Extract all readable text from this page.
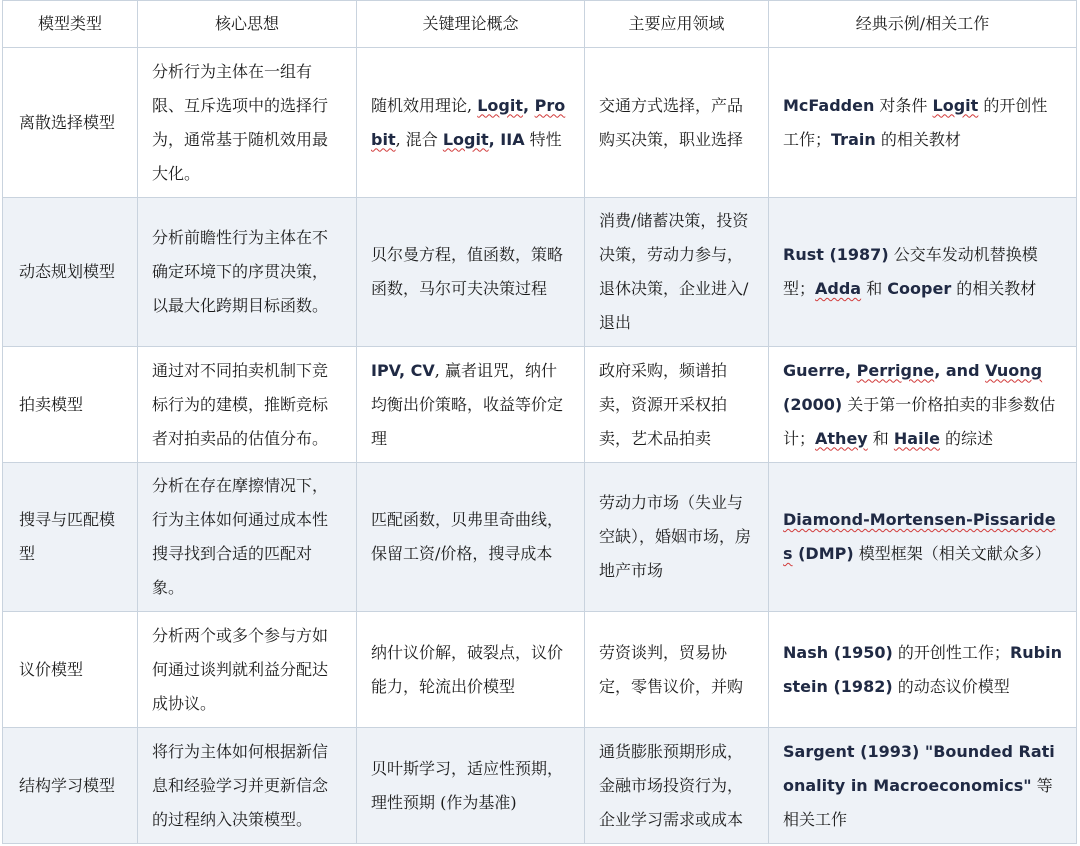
模型类型	核心思想	关键理论概念	主要应用领域	经典示例/相关工作
离散选择模型	分析行为主体在一组有限、互斥选项中的选择行为，通常基于随机效用最大化。	随机效用理论, Logit, Probit, 混合 Logit, IIA 特性	交通方式选择，产品购买决策，职业选择	McFadden 对条件 Logit 的开创性工作；Train 的相关教材
动态规划模型	分析前瞻性行为主体在不确定环境下的序贯决策，以最大化跨期目标函数。	贝尔曼方程，值函数，策略函数，马尔可夫决策过程	消费/储蓄决策，投资决策，劳动力参与，退休决策，企业进入/退出	Rust (1987) 公交车发动机替换模型；Adda 和 Cooper 的相关教材
拍卖模型	通过对不同拍卖机制下竞标行为的建模，推断竞标者对拍卖品的估值分布。	IPV, CV, 赢者诅咒，纳什均衡出价策略，收益等价定理	政府采购，频谱拍卖，资源开采权拍卖，艺术品拍卖	Guerre, Perrigne, and Vuong (2000) 关于第一价格拍卖的非参数估计；Athey 和 Haile 的综述
搜寻与匹配模型	分析在存在摩擦情况下，行为主体如何通过成本性搜寻找到合适的匹配对象。	匹配函数，贝弗里奇曲线，保留工资/价格，搜寻成本	劳动力市场（失业与空缺），婚姻市场，房地产市场	Diamond-Mortensen-Pissarides (DMP) 模型框架（相关文献众多）
议价模型	分析两个或多个参与方如何通过谈判就利益分配达成协议。	纳什议价解，破裂点，议价能力，轮流出价模型	劳资谈判，贸易协定，零售议价，并购	Nash (1950) 的开创性工作；Rubinstein (1982) 的动态议价模型
结构学习模型	将行为主体如何根据新信息和经验学习并更新信念的过程纳入决策模型。	贝叶斯学习，适应性预期，理性预期 (作为基准)	通货膨胀预期形成，金融市场投资行为，企业学习需求或成本	Sargent (1993) "Bounded Rationality in Macroeconomics" 等相关工作
